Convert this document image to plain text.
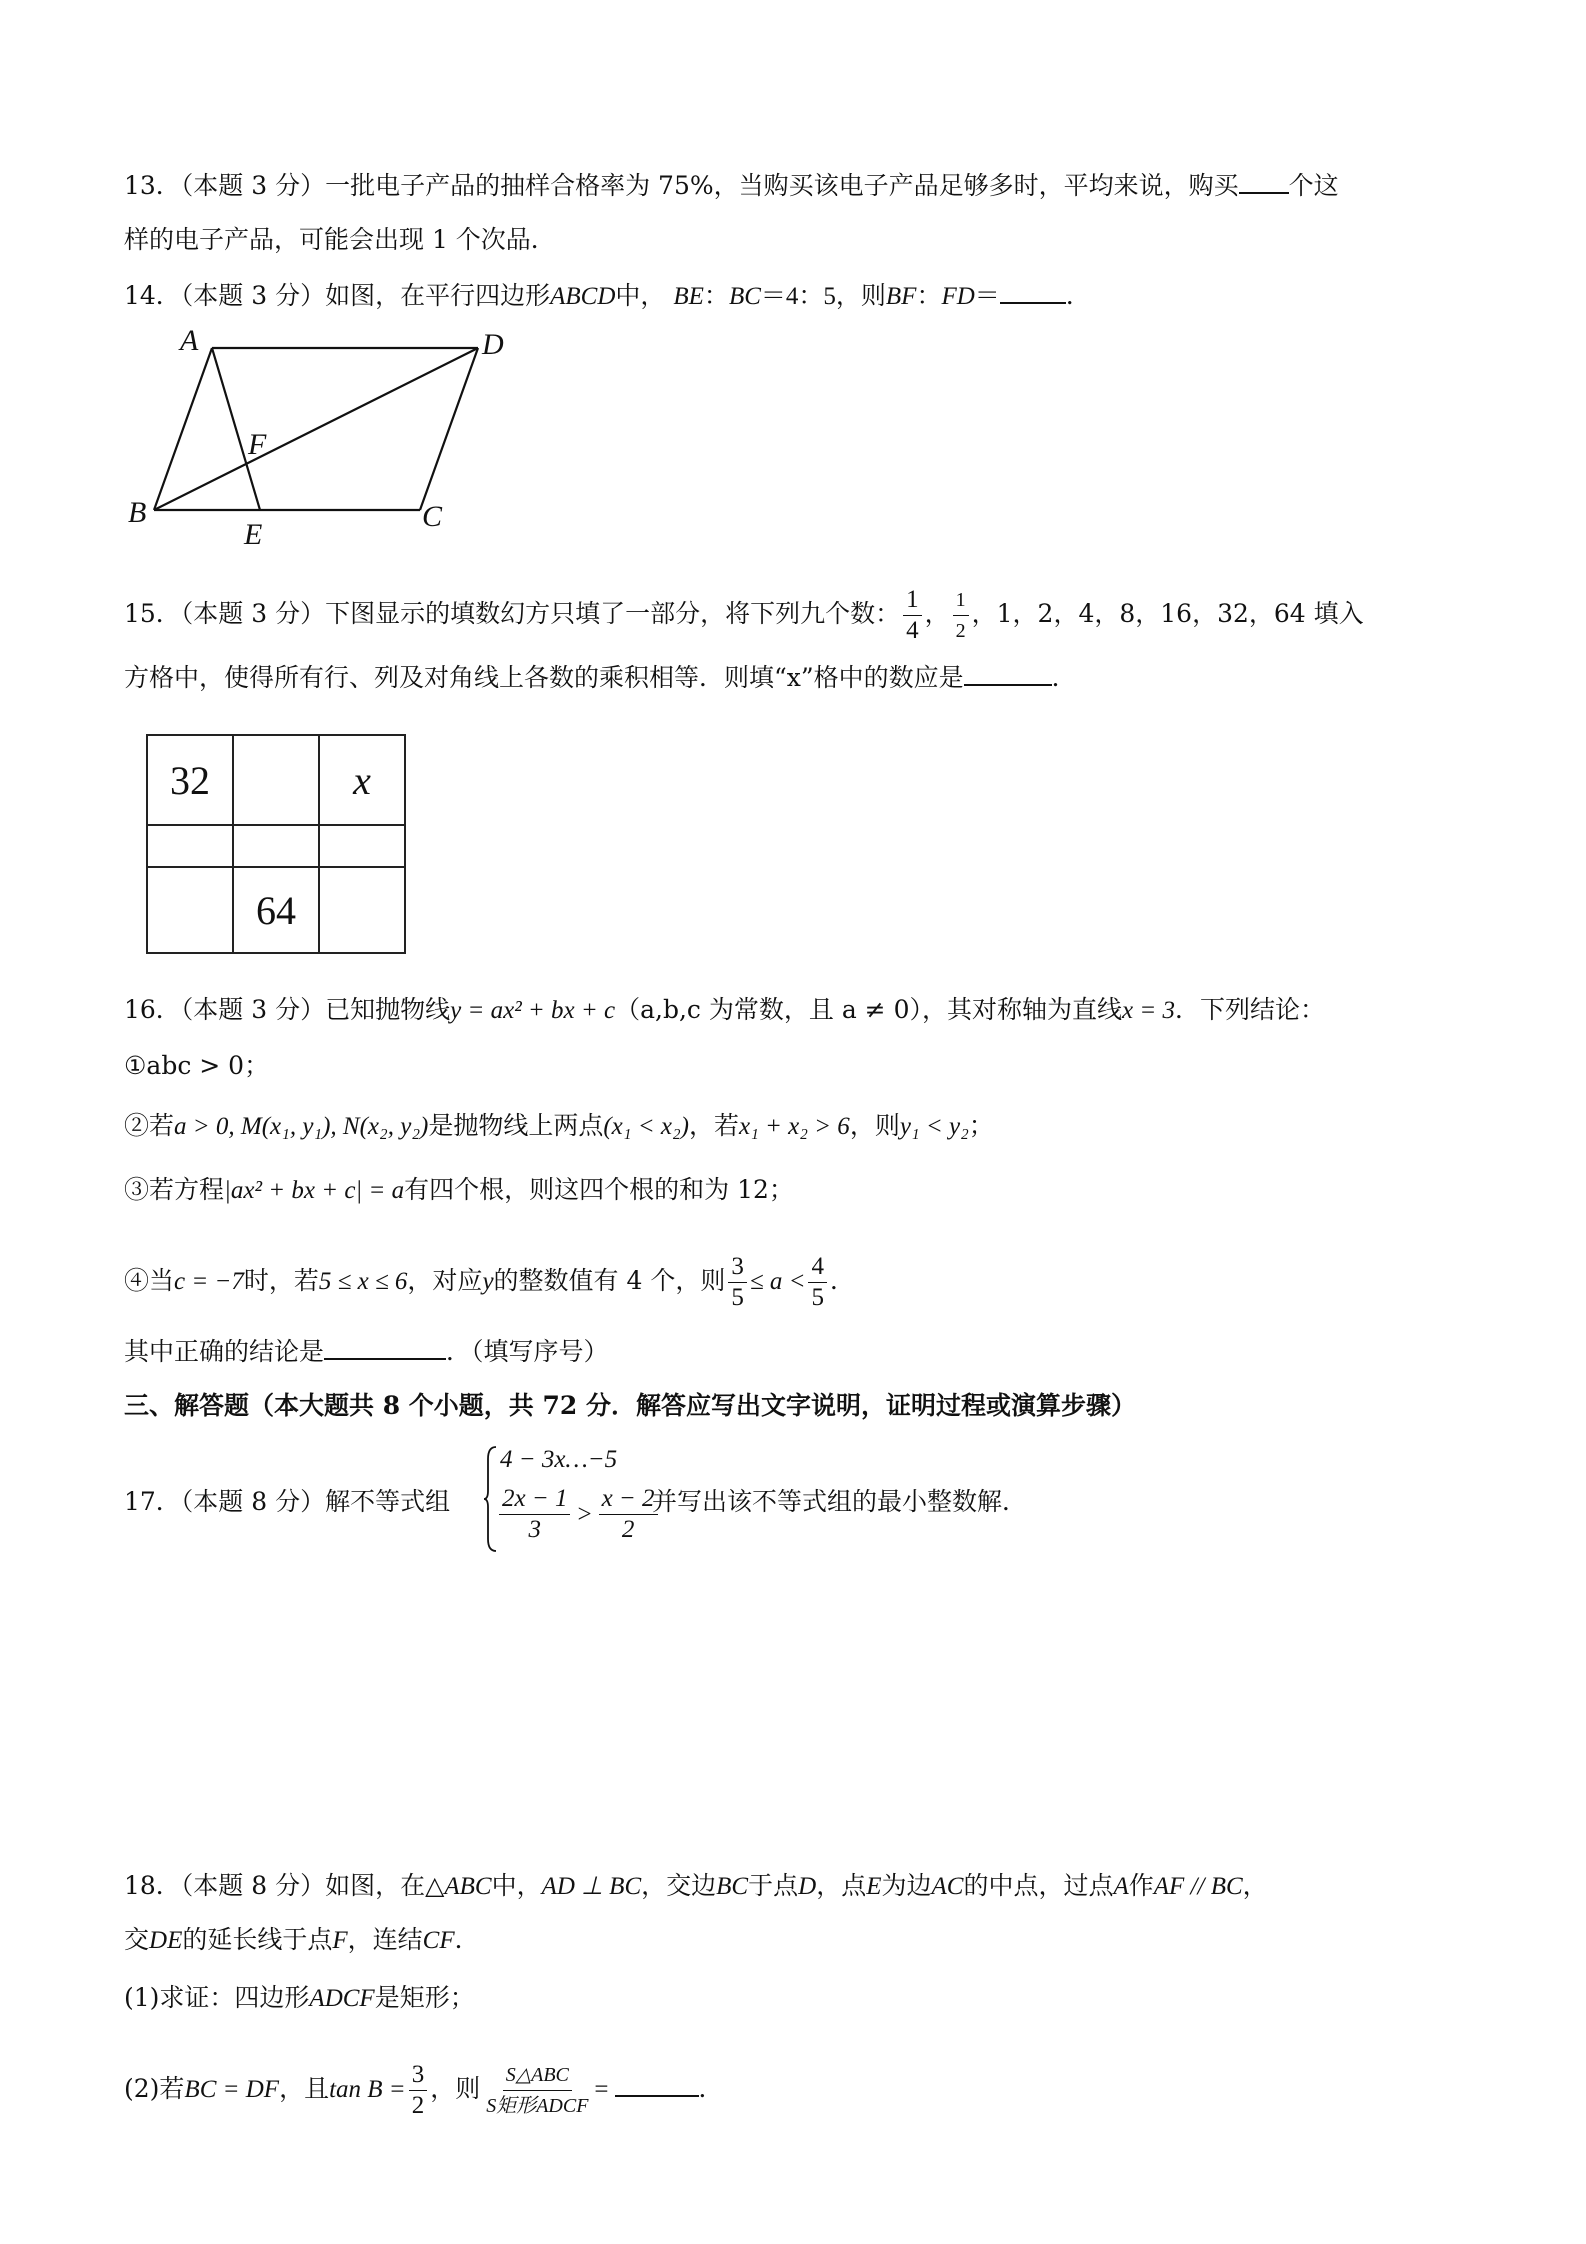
13．（本题 3 分）一批电子产品的抽样合格率为 75%，当购买该电子产品足够多时，平均来说，购买 个这
样的电子产品，可能会出现 1 个次品．
14．（本题 3 分）如图，在平行四边形ABCD中， BE：BC＝4：5，则BF：FD＝	．
A	D
B	C
E
F
15．（本题 3 分）下图显示的填数幻方只填了一部分，将下列九个数： $\frac{1}{4}$ ， $\frac{1}{2}$ ，1，2，4，8，16，32，64 填入
方格中，使得所有行、列及对角线上各数的乘积相等．则填“x”格中的数应是	．
32		x

	64	
16．（本题 3 分）已知抛物线y = ax² + bx + c（a,b,c 为常数，且 a ≠ 0），其对称轴为直线x = 3．下列结论：
①abc > 0；
②若a > 0, M(x₁, y₁), N(x₂, y₂)是抛物线上两点(x₁ < x₂)，若x₁ + x₂ > 6，则y₁ < y₂；
③若方程|ax² + bx + c| = a有四个根，则这四个根的和为 12；
④当c = −7时，若5 ≤ x ≤ 6，对应y的整数值有 4 个，则 $\frac{3}{5} \le a < \frac{4}{5}$ ．
其中正确的结论是	．（填写序号）
三、解答题（本大题共 8 个小题，共 72 分．解答应写出文字说明，证明过程或演算步骤）
17．（本题 8 分）解不等式组
4 − 3x…−5
$\frac{2x - 1}{3} > \frac{x - 2}{2}$
并写出该不等式组的最小整数解．
18．（本题 8 分）如图，在△ABC中，AD ⊥ BC，交边BC于点D，点E为边AC的中点，过点A作AF // BC，
交DE的延长线于点F，连结CF．
(1)求证：四边形ADCF是矩形；
(2)若BC = DF，且$\tan B = \frac{3}{2}$ ，则 $\frac{\text{S△ABC}}{\text{S矩形ADCF}}$ =	．
